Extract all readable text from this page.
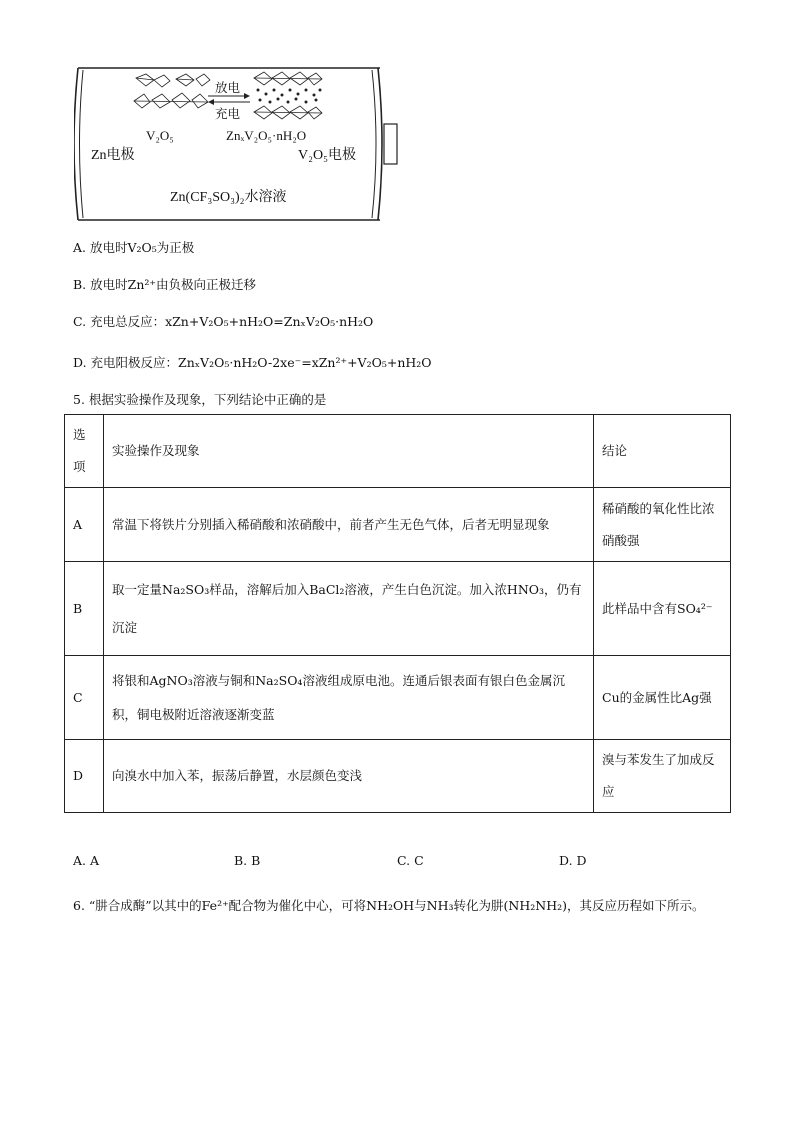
放电
充电
V₂O₅	ZnₓV₂O₅·nH₂O
Zn电极	V₂O₅电极
Zn(CF₃SO₃)₂水溶液
A. 放电时V₂O₅为正极
B. 放电时Zn²⁺由负极向正极迁移
C. 充电总反应：xZn+V₂O₅+nH₂O=ZnₓV₂O₅·nH₂O
D. 充电阳极反应：ZnₓV₂O₅·nH₂O-2xe⁻=xZn²⁺+V₂O₅+nH₂O
5. 根据实验操作及现象，下列结论中正确的是
选项	实验操作及现象	结论
A	常温下将铁片分别插入稀硝酸和浓硝酸中，前者产生无色气体，后者无明显现象	稀硝酸的氧化性比浓硝酸强
B	取一定量Na₂SO₃样品，溶解后加入BaCl₂溶液，产生白色沉淀。加入浓HNO₃，仍有沉淀	此样品中含有SO₄²⁻
C	将银和AgNO₃溶液与铜和Na₂SO₄溶液组成原电池。连通后银表面有银白色金属沉积，铜电极附近溶液逐渐变蓝	Cu的金属性比Ag强
D	向溴水中加入苯，振荡后静置，水层颜色变浅	溴与苯发生了加成反应
A. A	B. B	C. C	D. D
6. “肼合成酶”以其中的Fe²⁺配合物为催化中心，可将NH₂OH与NH₃转化为肼(NH₂NH₂)，其反应历程如下所示。
